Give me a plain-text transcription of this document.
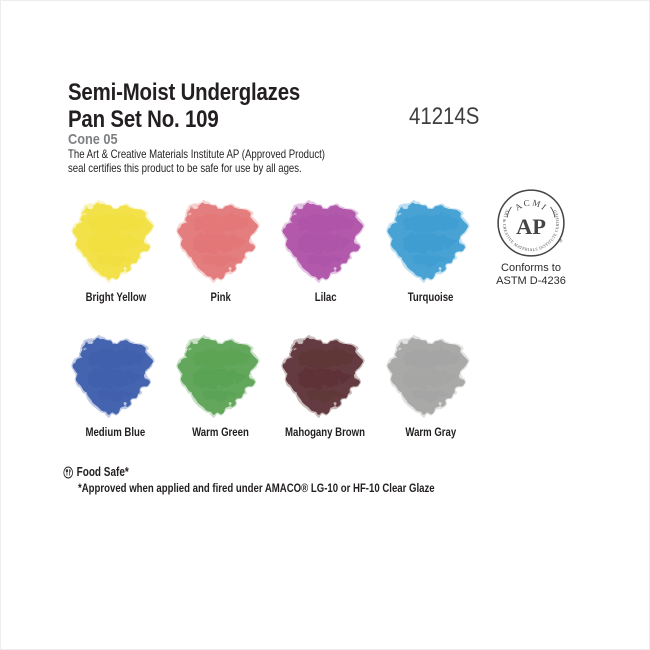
Semi-Moist Underglazes
Pan Set No. 109	41214S
Cone 05
The Art & Creative Materials Institute AP (Approved Product)
seal certifies this product to be safe for use by all ages.
ACMI
ART & CREATIVE MATERIALS INSTITUTE CERTIFIED
AP
®
Conforms to
ASTM D-4236
Bright Yellow	Pink	Lilac	Turquoise
Medium Blue	Warm Green	Mahogany Brown	Warm Gray
Food Safe*
*Approved when applied and fired under AMACO® LG-10 or HF-10 Clear Glaze
